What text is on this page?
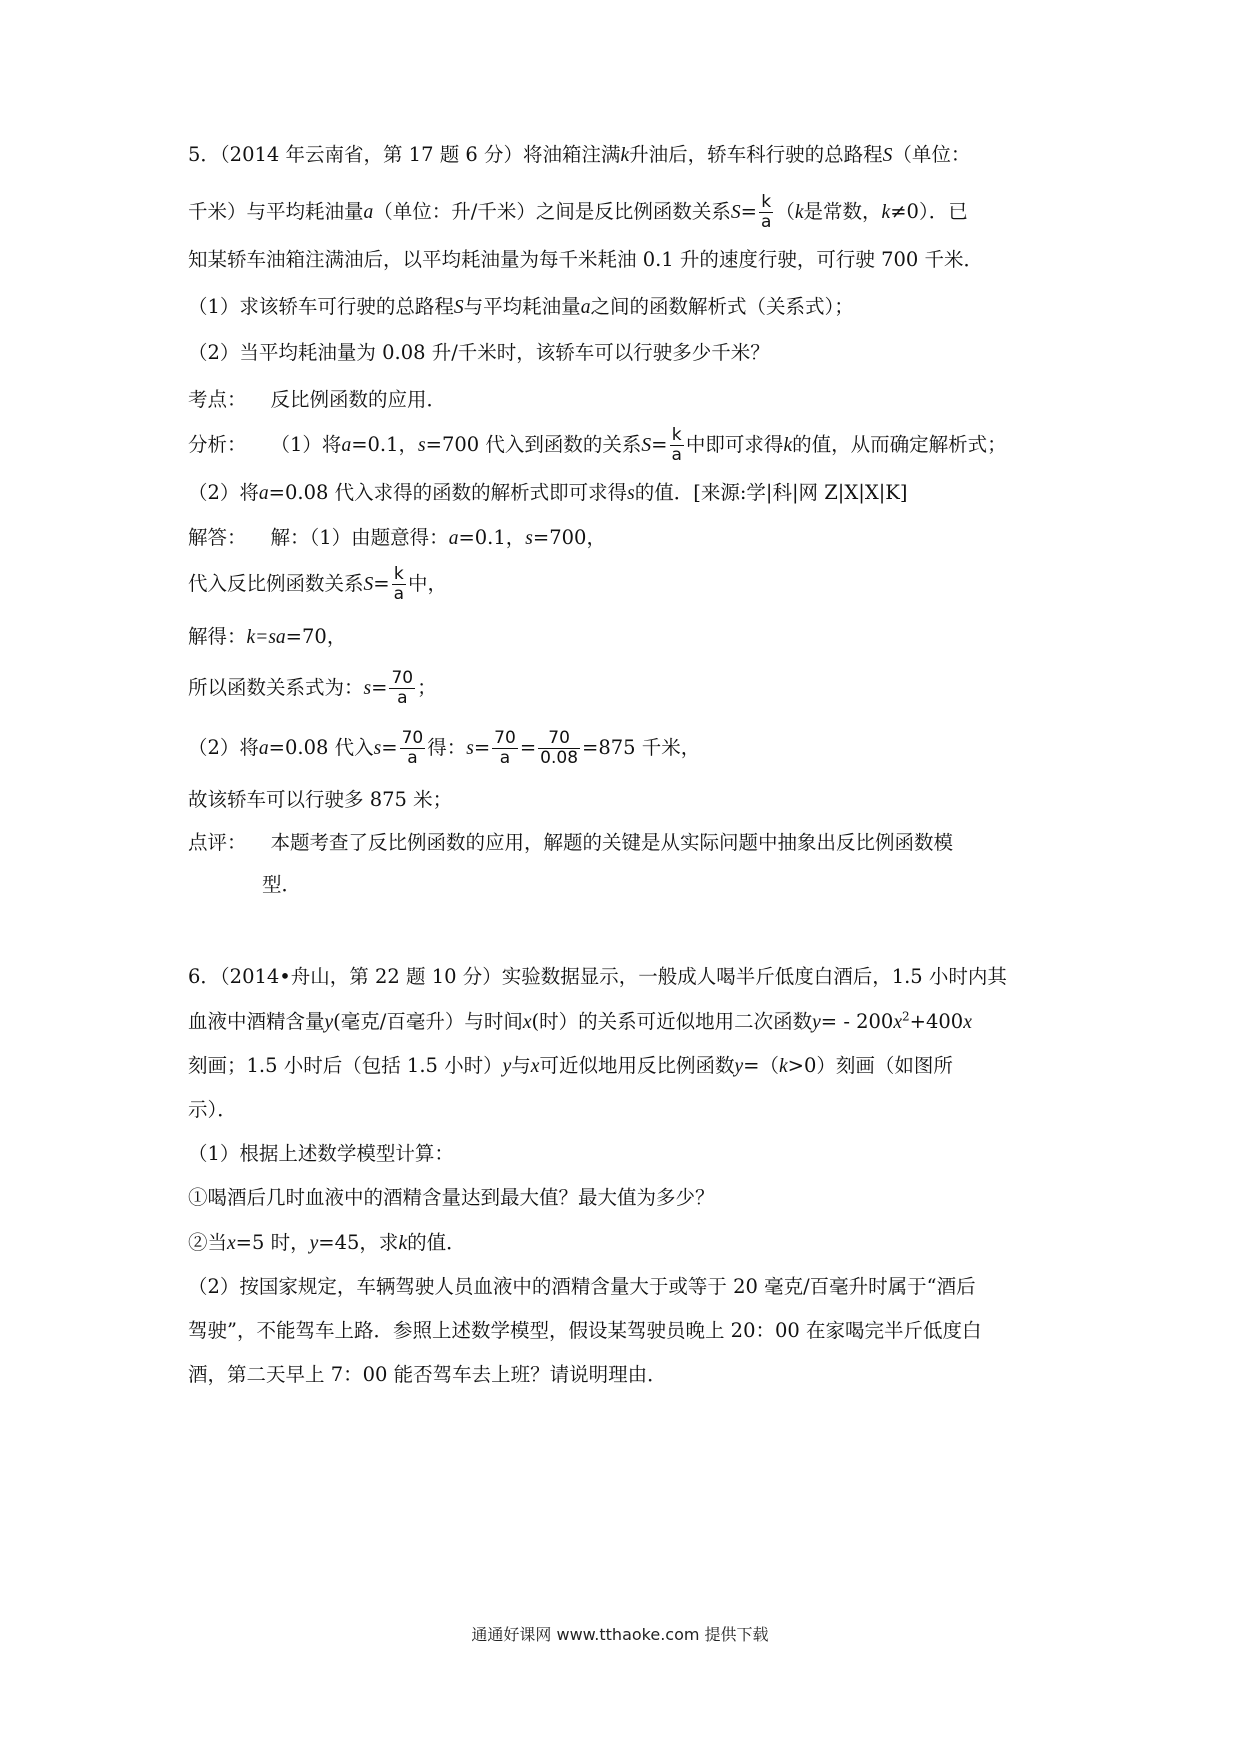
5．（2014 年云南省，第 17 题 6 分）将油箱注满k升油后，轿车科行驶的总路程S（单位：
千米）与平均耗油量a（单位：升/千米）之间是反比例函数关系$S= \frac{k}{a} (k$是常数，k≠0）．已
知某轿车油箱注满油后，以平均耗油量为每千米耗油 0.1 升的速度行驶，可行驶 700 千米．
（1）求该轿车可行驶的总路程S与平均耗油量a之间的函数解析式（关系式）；
（2）当平均耗油量为 0.08 升/千米时，该轿车可以行驶多少千米？
考点： 反比例函数的应用．
分析： （1）将a=0.1，s=700 代入到函数的关系$S= \frac{k}{a}$ 中即可求得k的值，从而确定解析式；
（2）将a=0.08 代入求得的函数的解析式即可求得s的值．[来源:学|科|网 Z|X|X|K]
解答： 解：（1）由题意得：a=0.1，s=700，
代入反比例函数关系$S= \frac{k}{a}$ 中，
解得：k=sa=70，
所以函数关系式为：$s= \frac{70}{a}$ ；
（2）将a=0.08 代入$s= \frac{70}{a}$ 得：$s= \frac{70}{a} = \frac{70}{0.08} =875$ 千米，
故该轿车可以行驶多 875 米；
点评： 本题考查了反比例函数的应用，解题的关键是从实际问题中抽象出反比例函数模
型．
6．（2014•舟山，第 22 题 10 分）实验数据显示，一般成人喝半斤低度白酒后，1.5 小时内其
血液中酒精含量y(毫克/百毫升）与时间x(时）的关系可近似地用二次函数$y= - 200x^2+400x$
刻画；1.5 小时后（包括 1.5 小时）y与x可近似地用反比例函数y=（k>0）刻画（如图所
示）．
（1）根据上述数学模型计算：
①喝酒后几时血液中的酒精含量达到最大值？最大值为多少？
②当x=5 时，y=45，求k的值．
（2）按国家规定，车辆驾驶人员血液中的酒精含量大于或等于 20 毫克/百毫升时属于“酒后
驾驶”，不能驾车上路．参照上述数学模型，假设某驾驶员晚上 20：00 在家喝完半斤低度白
酒，第二天早上 7：00 能否驾车去上班？请说明理由．
通通好课网 www.tthaoke.com 提供下载
